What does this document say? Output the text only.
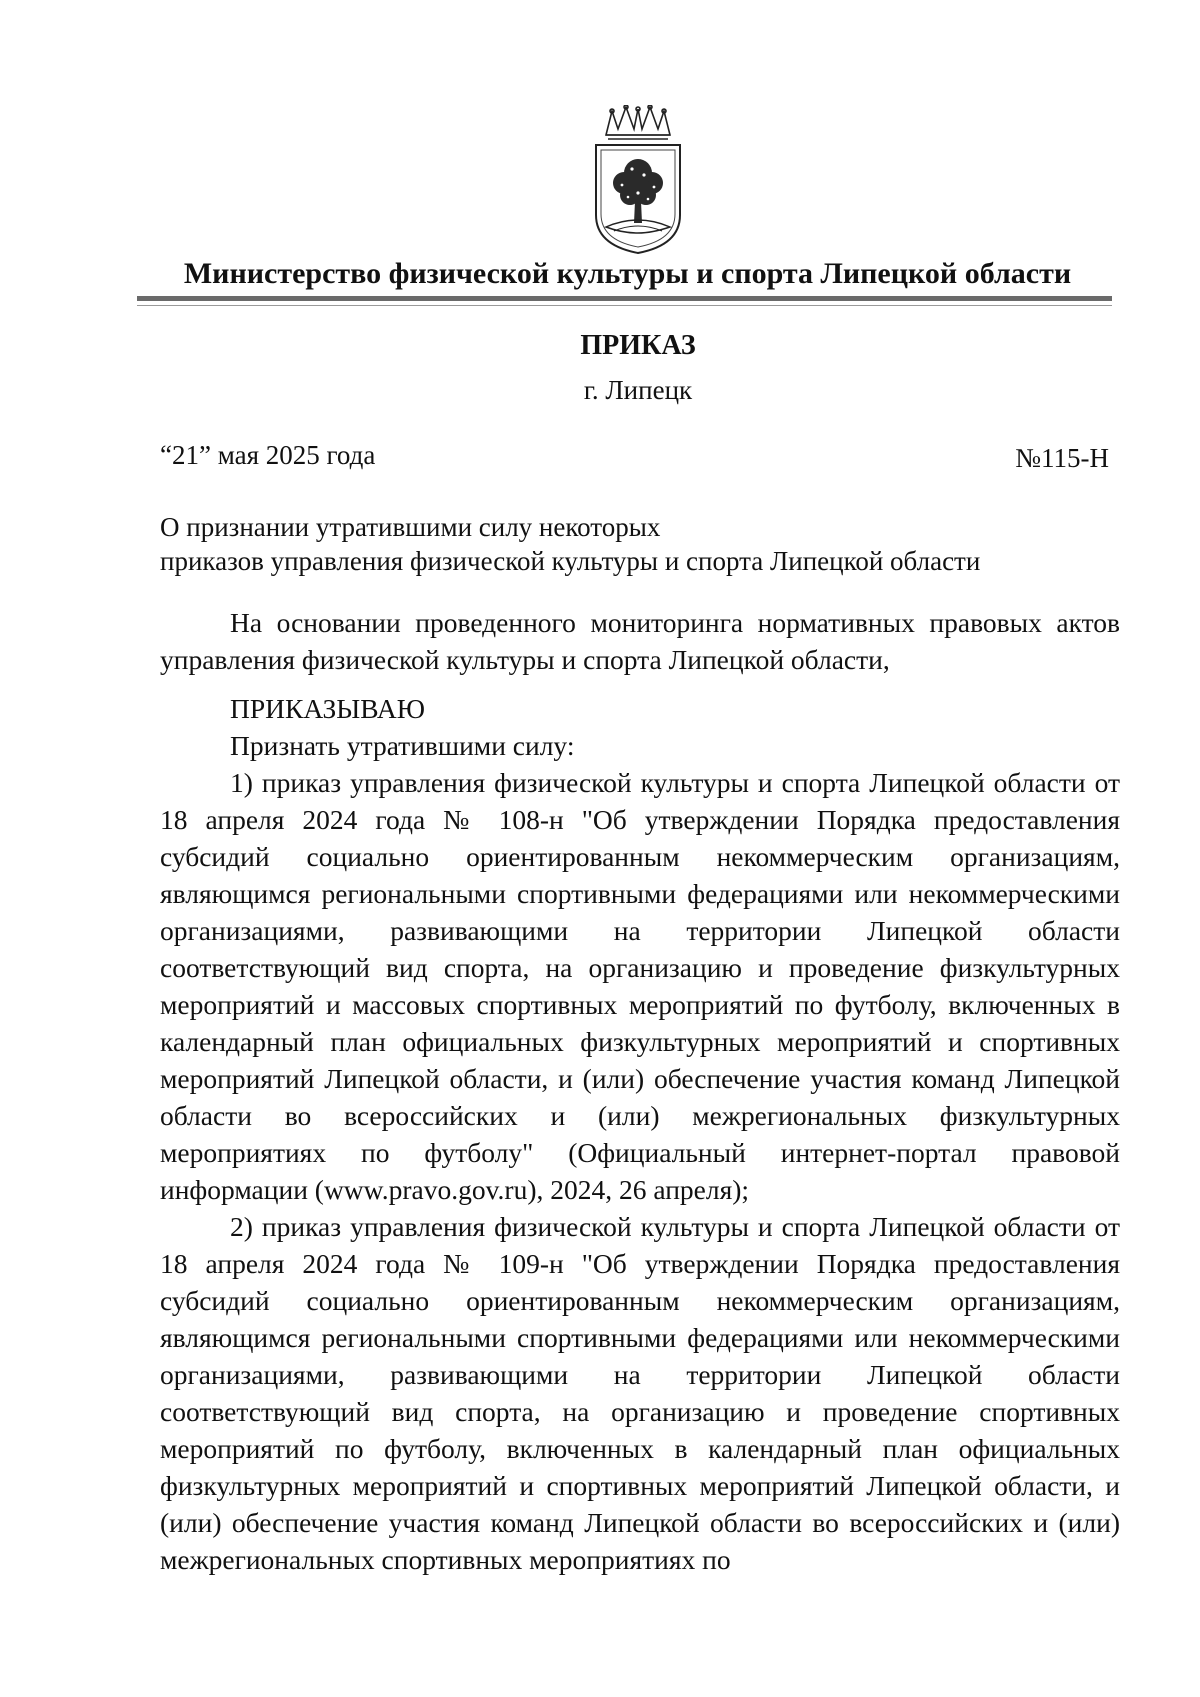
Министерство физической культуры и спорта Липецкой области
ПРИКАЗ
г. Липецк
“21” мая 2025 года	№115-Н
О признании утратившими силу некоторых
приказов управления физической культуры и спорта Липецкой области

На основании проведенного мониторинга нормативных правовых актов управления физической культуры и спорта Липецкой области,

ПРИКАЗЫВАЮ

Признать утратившими силу:

1) приказ управления физической культуры и спорта Липецкой области от 18 апреля 2024 года № 108-н "Об утверждении Порядка предоставления субсидий социально ориентированным некоммерческим организациям, являющимся региональными спортивными федерациями или некоммерческими организациями, развивающими на территории Липецкой области соответствующий вид спорта, на организацию и проведение физкультурных мероприятий и массовых спортивных мероприятий по футболу, включенных в календарный план официальных физкультурных мероприятий и спортивных мероприятий Липецкой области, и (или) обеспечение участия команд Липецкой области во всероссийских и (или) межрегиональных физкультурных мероприятиях по футболу" (Официальный интернет-портал правовой информации (www.pravo.gov.ru), 2024, 26 апреля);

2) приказ управления физической культуры и спорта Липецкой области от 18 апреля 2024 года № 109-н "Об утверждении Порядка предоставления субсидий социально ориентированным некоммерческим организациям, являющимся региональными спортивными федерациями или некоммерческими организациями, развивающими на территории Липецкой области соответствующий вид спорта, на организацию и проведение спортивных мероприятий по футболу, включенных в календарный план официальных физкультурных мероприятий и спортивных мероприятий Липецкой области, и (или) обеспечение участия команд Липецкой области во всероссийских и (или) межрегиональных спортивных мероприятиях по
